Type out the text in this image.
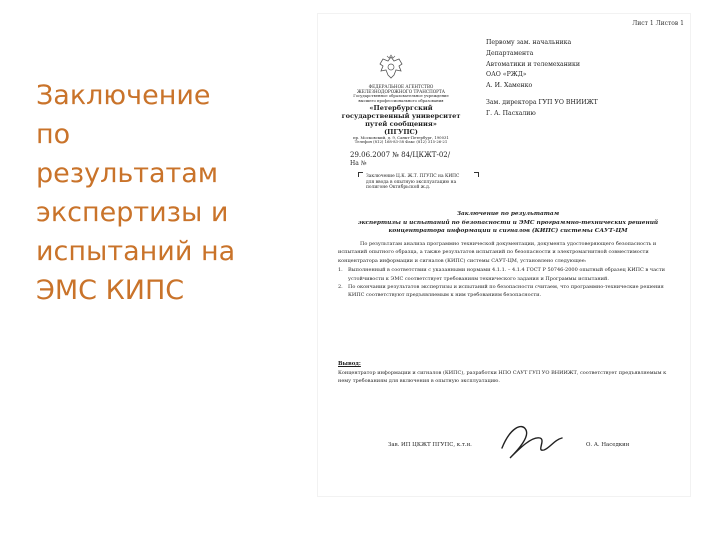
Заключение
по
результатам
экспертизы и
испытаний на
ЭМС КИПС
Лист 1 Листов 1
ФЕДЕРАЛЬНОЕ АГЕНТСТВО
ЖЕЛЕЗНОДОРОЖНОГО ТРАНСПОРТА
Государственное образовательное учреждение
высшего профессионального образования
«Петербургский
государственный университет
путей сообщения»
(ПГУПС)
пр. Московский, д. 9, Санкт-Петербург, 190031
Телефон (812) 168-83-58 Факс (812) 315-26-21
29.06.2007 № 84/ЦКЖТ-02/
На №
Заключение Ц.К. Ж.Т. ПГУПС на КИПС
для ввода в опытную эксплуатацию на
полигоне Октябрьской ж.д.
Первому зам. начальника
Департамента
Автоматики и телемеханики
ОАО «РЖД»
А. И. Хаменко
Зам. директора ГУП УО ВНИИЖТ
Г. А. Пасхалию
Заключение по результатам
экспертизы и испытаний по безопасности и ЭМС программно-технических решений
концентратора информации и сигналов (КИПС) системы САУТ-ЦМ

По результатам анализа программно технической документации, документа удостоверяющего безопасность и испытаний опытного образца, а также результатов испытаний по безопасности и электромагнитной совместимости концентратора информации и сигналов (КИПС) системы САУТ-ЦМ, установлено следующее:

1.	Выполненный в соответствии с указанными нормами 4.1.1. – 4.1.4 ГОСТ Р 50746-2000 опытный образец КИПС в части устойчивости к ЭМС соответствует требованиям технического задания и Программы испытаний.
2.	По окончании результатов экспертизы и испытаний по безопасности считаем, что программно-технические решения КИПС соответствуют предъявляемым к ним требованиям безопасности.
Вывод:

Концентратор информации и сигналов (КИПС), разработки НПО САУТ ГУП УО ВНИИЖТ, соответствует предъявляемым к нему требованиям для включения в опытную эксплуатацию.

Зав. ИП ЦКЖТ ПГУПС, к.т.н.	О. А. Наседкин
